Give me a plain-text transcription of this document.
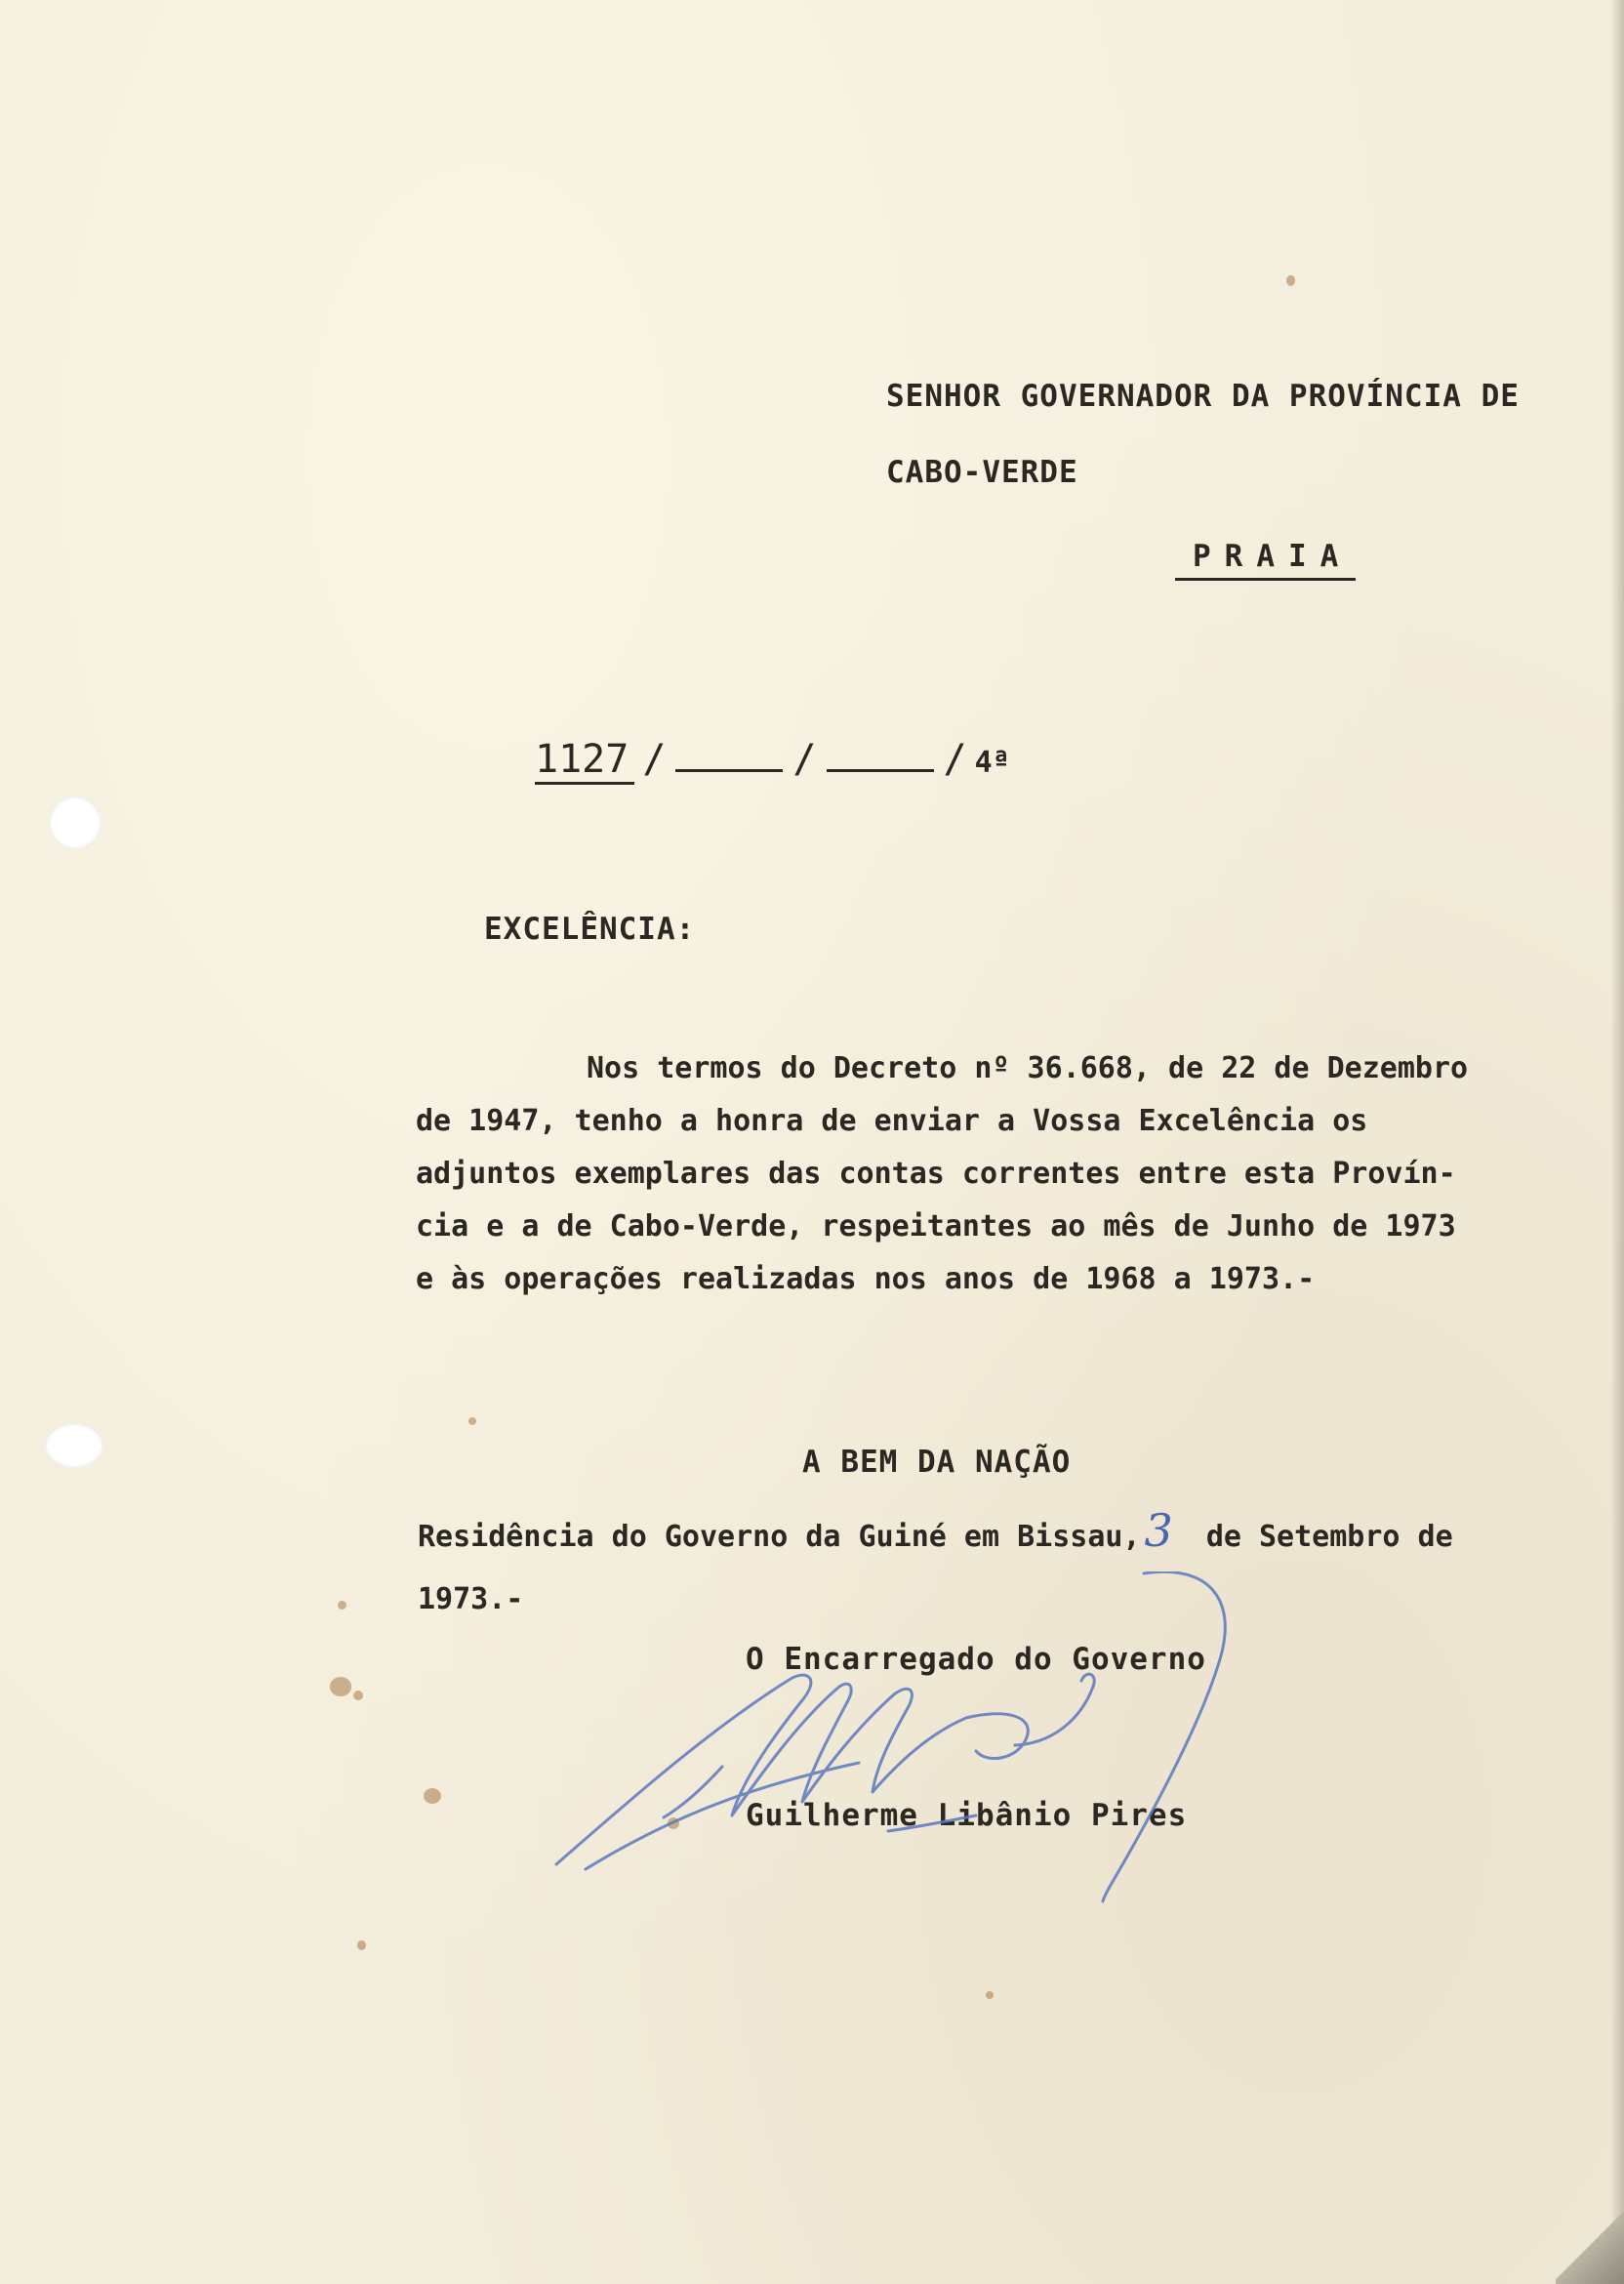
SENHOR GOVERNADOR DA PROVÍNCIA DE
CABO-VERDE
PRAIA
1127 /	/	/ 4ª
EXCELÊNCIA:
Nos termos do Decreto nº 36.668, de 22 de Dezembro
de 1947, tenho a honra de enviar a Vossa Excelência os
adjuntos exemplares das contas correntes entre esta Provín-
cia e a de Cabo-Verde, respeitantes ao mês de Junho de 1973
e às operações realizadas nos anos de 1968 a 1973.-
A BEM DA NAÇÃO
Residência do Governo da Guiné em Bissau,3 de Setembro de
1973.-
O Encarregado do Governo
Guilherme Libânio Pires
